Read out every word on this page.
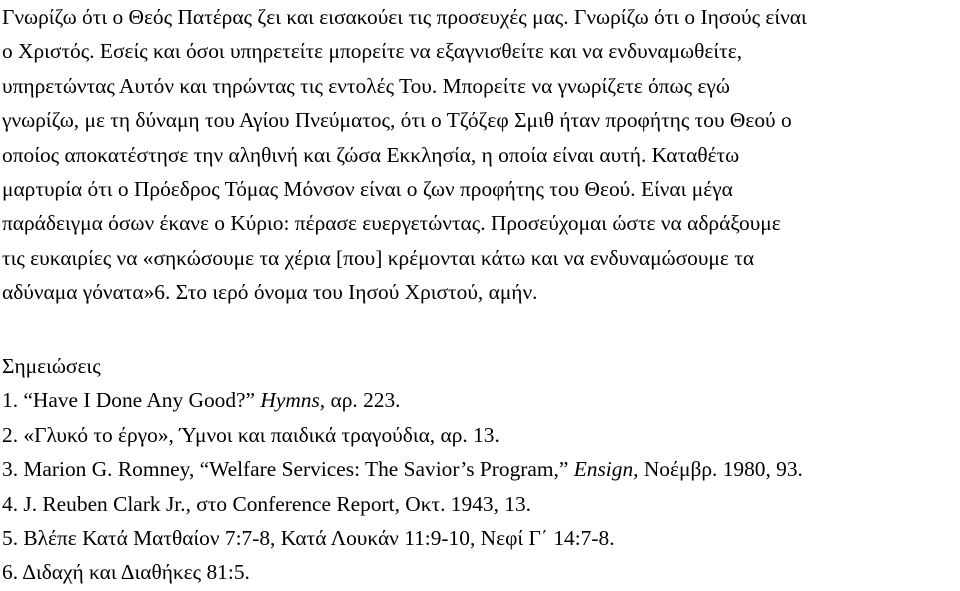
Γνωρίζω ότι ο Θεός Πατέρας ζει και εισακούει τις προσευχές μας. Γνωρίζω ότι ο Ιησούς είναι
ο Χριστός. Εσείς και όσοι υπηρετείτε μπορείτε να εξαγνισθείτε και να ενδυναμωθείτε,
υπηρετώντας Αυτόν και τηρώντας τις εντολές Του. Μπορείτε να γνωρίζετε όπως εγώ
γνωρίζω, με τη δύναμη του Αγίου Πνεύματος, ότι ο Τζόζεφ Σμιθ ήταν προφήτης του Θεού ο
οποίος αποκατέστησε την αληθινή και ζώσα Εκκλησία, η οποία είναι αυτή. Καταθέτω
μαρτυρία ότι ο Πρόεδρος Τόμας Μόνσον είναι ο ζων προφήτης του Θεού. Είναι μέγα
παράδειγμα όσων έκανε ο Κύριο: πέρασε ευεργετώντας. Προσεύχομαι ώστε να αδράξουμε
τις ευκαιρίες να «σηκώσουμε τα χέρια [που] κρέμονται κάτω και να ενδυναμώσουμε τα
αδύναμα γόνατα»6. Στο ιερό όνομα του Ιησού Χριστού, αμήν.
Σημειώσεις
1. “Have I Done Any Good?” Hymns, αρ. 223.
2. «Γλυκό το έργο», Ύμνοι και παιδικά τραγούδια, αρ. 13.
3. Marion G. Romney, “Welfare Services: The Savior’s Program,” Ensign, Νοέμβρ. 1980, 93.
4. J. Reuben Clark Jr., στο Conference Report, Οκτ. 1943, 13.
5. Βλέπε Κατά Ματθαίον 7:7-8, Κατά Λουκάν 11:9-10, Νεφί Γ΄ 14:7-8.
6. Διδαχή και Διαθήκες 81:5.
